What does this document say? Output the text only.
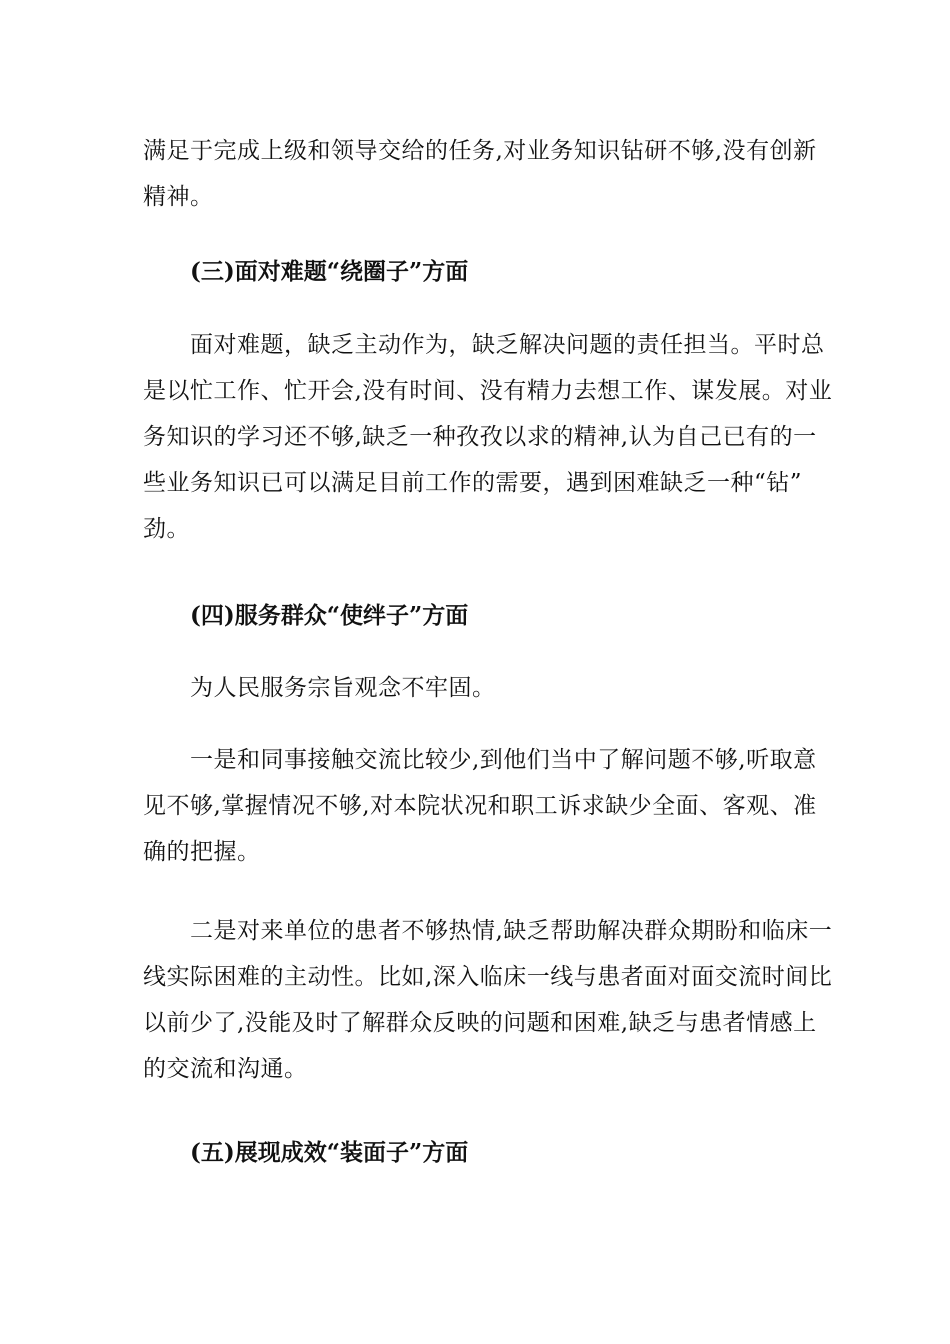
满足于完成上级和领导交给的任务,对业务知识钻研不够,没有创新
精神。
(三)面对难题“绕圈子”方面
　　面对难题，缺乏主动作为，缺乏解决问题的责任担当。平时总
是以忙工作、忙开会,没有时间、没有精力去想工作、谋发展。对业
务知识的学习还不够,缺乏一种孜孜以求的精神,认为自己已有的一
些业务知识已可以满足目前工作的需要，遇到困难缺乏一种“钻”
劲。
(四)服务群众“使绊子”方面
　　为人民服务宗旨观念不牢固。
　　一是和同事接触交流比较少,到他们当中了解问题不够,听取意
见不够,掌握情况不够,对本院状况和职工诉求缺少全面、客观、准
确的把握。
　　二是对来单位的患者不够热情,缺乏帮助解决群众期盼和临床一
线实际困难的主动性。比如,深入临床一线与患者面对面交流时间比
以前少了,没能及时了解群众反映的问题和困难,缺乏与患者情感上
的交流和沟通。
(五)展现成效“装面子”方面
